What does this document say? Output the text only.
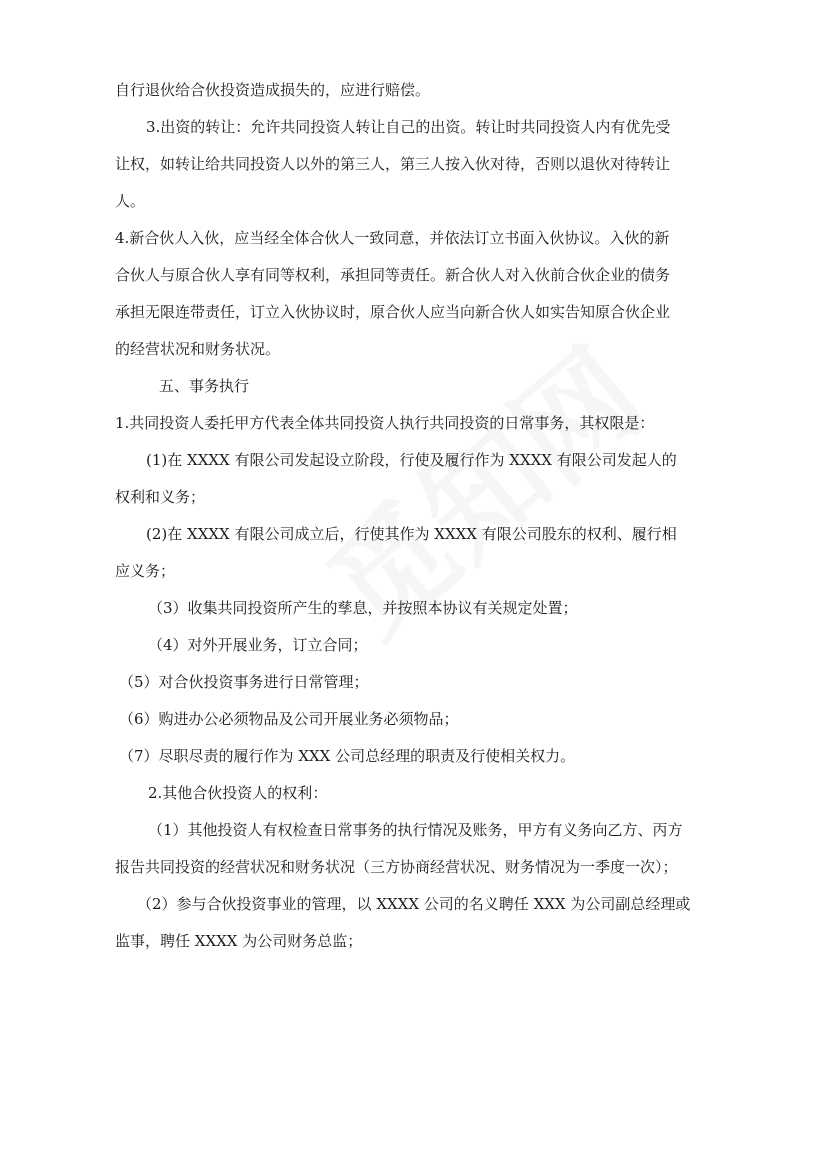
自行退伙给合伙投资造成损失的，应进行赔偿。
3.出资的转让：允许共同投资人转让自己的出资。转让时共同投资人内有优先受
让权，如转让给共同投资人以外的第三人，第三人按入伙对待，否则以退伙对待转让
人。
4.新合伙人入伙，应当经全体合伙人一致同意，并依法订立书面入伙协议。入伙的新
合伙人与原合伙人享有同等权利，承担同等责任。新合伙人对入伙前合伙企业的债务
承担无限连带责任，订立入伙协议时，原合伙人应当向新合伙人如实告知原合伙企业
的经营状况和财务状况。
五、事务执行
1.共同投资人委托甲方代表全体共同投资人执行共同投资的日常事务，其权限是：
(1)在 XXXX 有限公司发起设立阶段，行使及履行作为 XXXX 有限公司发起人的
权利和义务；
(2)在 XXXX 有限公司成立后，行使其作为 XXXX 有限公司股东的权利、履行相
应义务；
（3）收集共同投资所产生的孳息，并按照本协议有关规定处置；
（4）对外开展业务，订立合同；
（5）对合伙投资事务进行日常管理；
（6）购进办公必须物品及公司开展业务必须物品；
（7）尽职尽责的履行作为 XXX 公司总经理的职责及行使相关权力。
2.其他合伙投资人的权利：
（1）其他投资人有权检查日常事务的执行情况及账务，甲方有义务向乙方、丙方
报告共同投资的经营状况和财务状况（三方协商经营状况、财务情况为一季度一次）；
（2）参与合伙投资事业的管理，以 XXXX 公司的名义聘任 XXX 为公司副总经理或
监事，聘任 XXXX 为公司财务总监；
